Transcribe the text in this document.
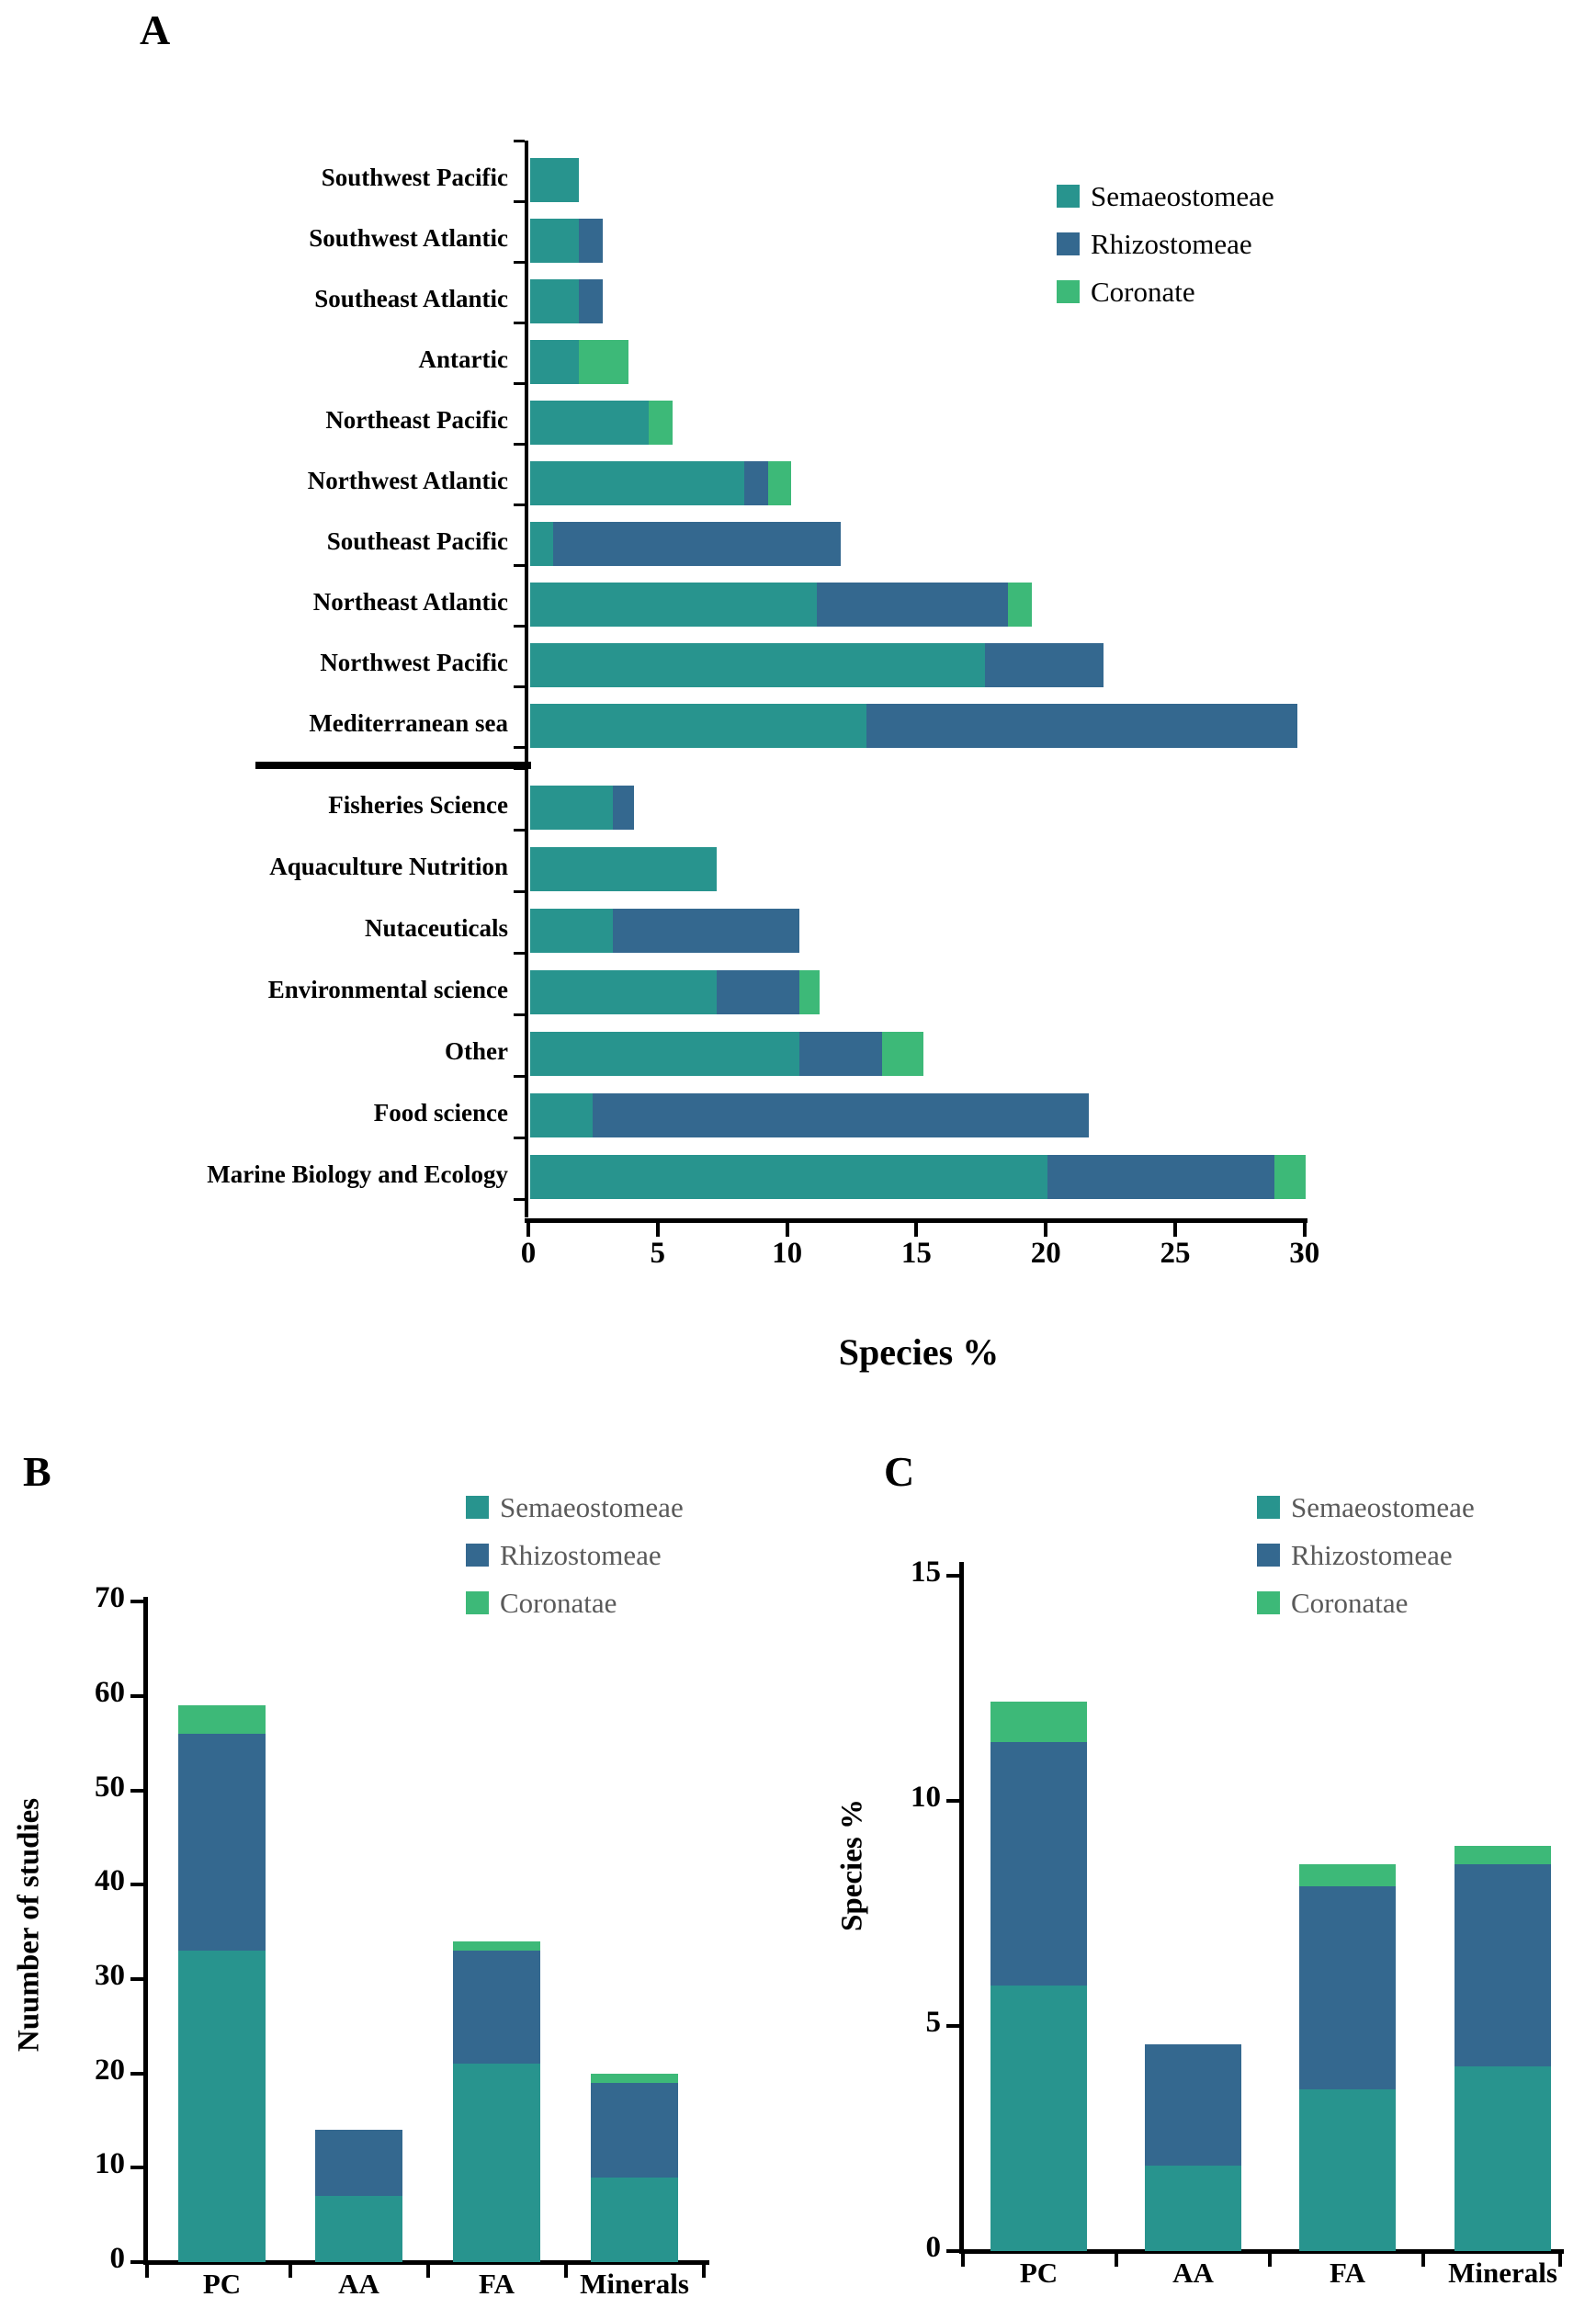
A
B	C
Species %
Nuumber of studies	Species %
Southwest Pacific
Southwest Atlantic
Southeast Atlantic
Antartic
Northeast Pacific
Northwest Atlantic
Southeast Pacific
Northeast Atlantic
Northwest Pacific
Mediterranean sea
Fisheries Science
Aquaculture Nutrition
Nutaceuticals
Environmental science
Other
Food science
Marine Biology and Ecology
0	5	10	15	20	25	30
Semaeostomeae
Rhizostomeae
Coronate
Semaeostomeae
Rhizostomeae
Coronatae
Semaeostomeae
Rhizostomeae
Coronatae
0
10
20
30
40
50
60
70
PC	AA	FA	Minerals
0
5
10
15
PC	AA	FA	Minerals
